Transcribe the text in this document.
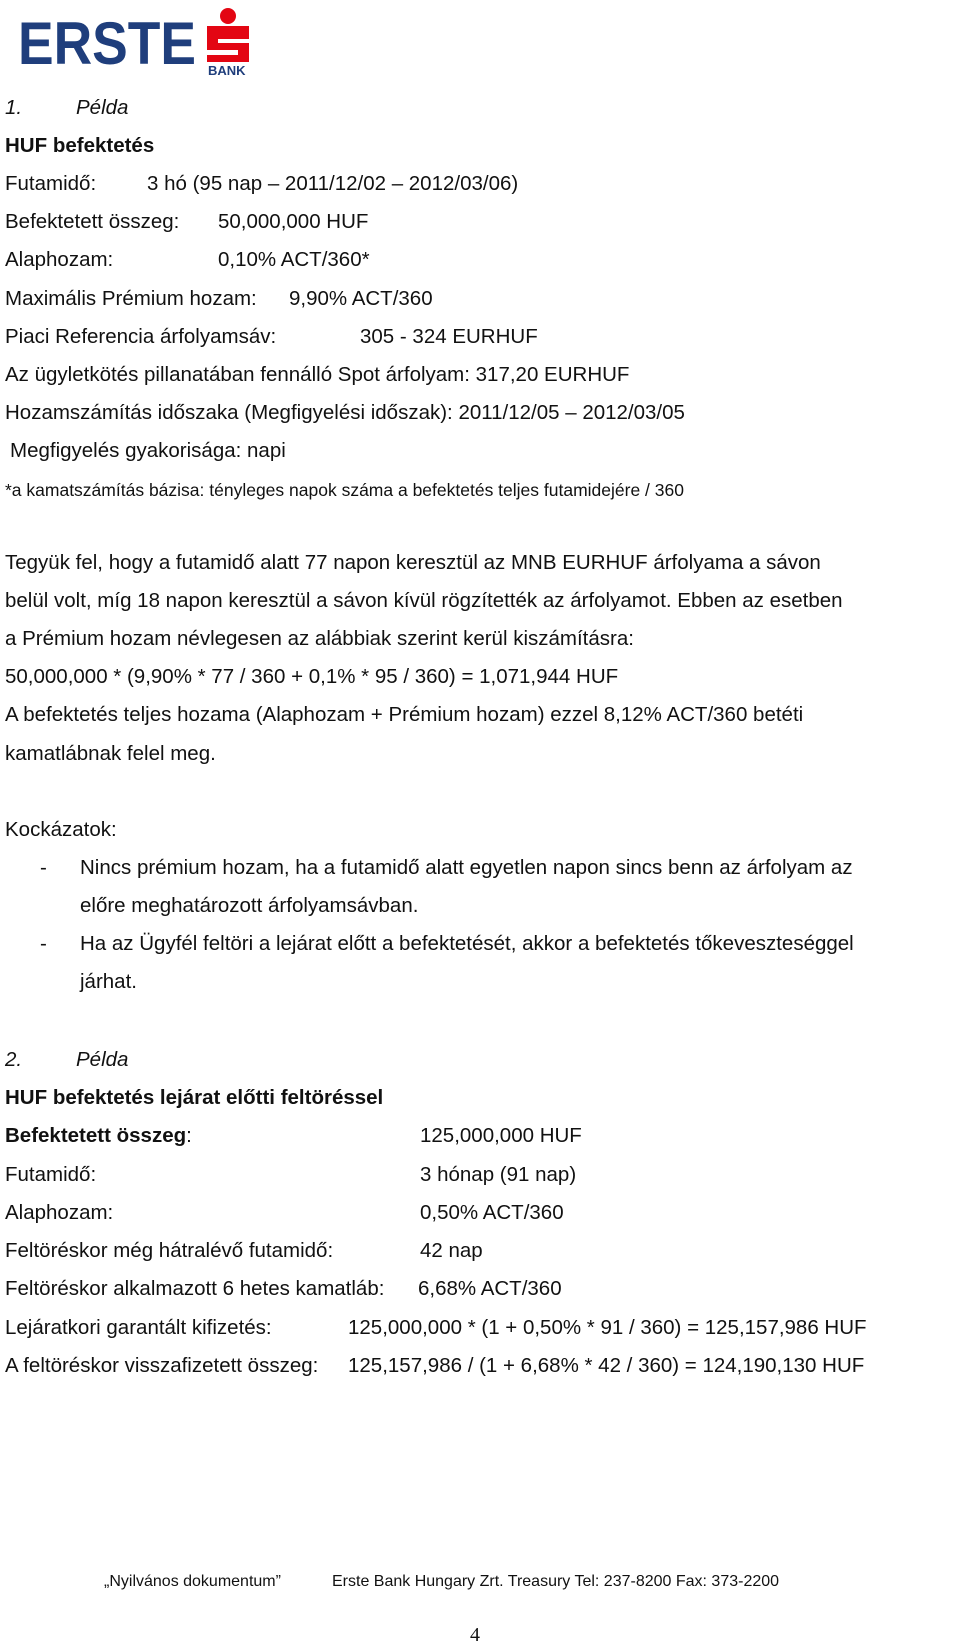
ERSTE BANK
1.	Példa
HUF befektetés
Futamidő: 3 hó (95 nap – 2011/12/02 – 2012/03/06)
Befektetett összeg: 50,000,000 HUF
Alaphozam:	0,10% ACT/360*
Maximális Prémium hozam: 9,90% ACT/360
Piaci Referencia árfolyamsáv:	305 - 324 EURHUF
Az ügyletkötés pillanatában fennálló Spot árfolyam: 317,20 EURHUF
Hozamszámítás időszaka (Megfigyelési időszak): 2011/12/05 – 2012/03/05
Megfigyelés gyakorisága: napi
*a kamatszámítás bázisa: tényleges napok száma a befektetés teljes futamidejére / 360
Tegyük fel, hogy a futamidő alatt 77 napon keresztül az MNB EURHUF árfolyama a sávon
belül volt, míg 18 napon keresztül a sávon kívül rögzítették az árfolyamot. Ebben az esetben
a Prémium hozam névlegesen az alábbiak szerint kerül kiszámításra:
50,000,000 * (9,90% * 77 / 360 + 0,1% * 95 / 360) = 1,071,944 HUF
A befektetés teljes hozama (Alaphozam + Prémium hozam) ezzel 8,12% ACT/360 betéti
kamatlábnak felel meg.
Kockázatok:
- Nincs prémium hozam, ha a futamidő alatt egyetlen napon sincs benn az árfolyam az
előre meghatározott árfolyamsávban.
- Ha az Ügyfél feltöri a lejárat előtt a befektetését, akkor a befektetés tőkeveszteséggel
járhat.
2.	Példa
HUF befektetés lejárat előtti feltöréssel
Befektetett összeg:	125,000,000 HUF
Futamidő:	3 hónap (91 nap)
Alaphozam:	0,50% ACT/360
Feltöréskor még hátralévő futamidő:	42 nap
Feltöréskor alkalmazott 6 hetes kamatláb: 6,68% ACT/360
Lejáratkori garantált kifizetés:	125,000,000 * (1 + 0,50% * 91 / 360) = 125,157,986 HUF
A feltöréskor visszafizetett összeg: 125,157,986 / (1 + 6,68% * 42 / 360) = 124,190,130 HUF
„Nyilvános dokumentum”	Erste Bank Hungary Zrt. Treasury Tel: 237-8200 Fax: 373-2200
4
